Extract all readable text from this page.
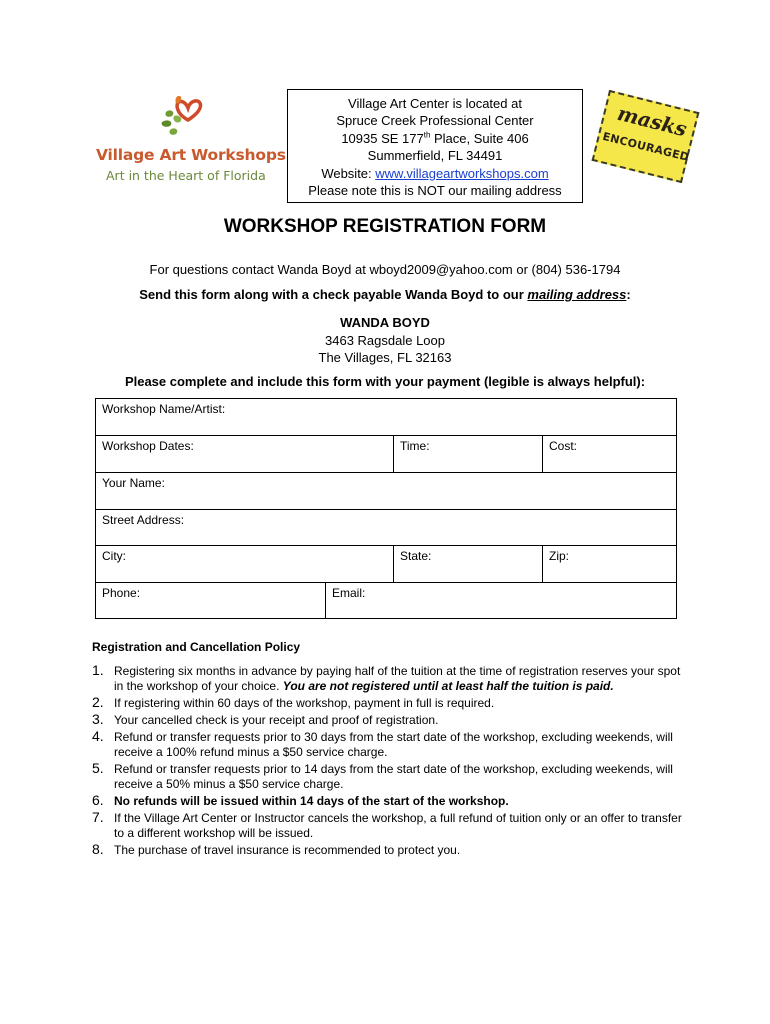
Village Art Workshops
Art in the Heart of Florida
Village Art Center is located at
Spruce Creek Professional Center
10935 SE 177th Place, Suite 406
Summerfield, FL 34491
Website: www.villageartworkshops.com
Please note this is NOT our mailing address
masks
ENCOURAGED
WORKSHOP REGISTRATION FORM
For questions contact Wanda Boyd at wboyd2009@yahoo.com or (804) 536-1794
Send this form along with a check payable Wanda Boyd to our mailing address:
WANDA BOYD
3463 Ragsdale Loop
The Villages, FL 32163
Please complete and include this form with your payment (legible is always helpful):
Workshop Name/Artist:
Workshop Dates:	Time:	Cost:
Your Name:
Street Address:
City:	State:	Zip:
Phone:	Email:
Registration and Cancellation Policy
1. Registering six months in advance by paying half of the tuition at the time of registration reserves your spot in the workshop of your choice. You are not registered until at least half the tuition is paid.
2. If registering within 60 days of the workshop, payment in full is required.
3. Your cancelled check is your receipt and proof of registration.
4. Refund or transfer requests prior to 30 days from the start date of the workshop, excluding weekends, will receive a 100% refund minus a $50 service charge.
5. Refund or transfer requests prior to 14 days from the start date of the workshop, excluding weekends, will receive a 50% minus a $50 service charge.
6. No refunds will be issued within 14 days of the start of the workshop.
7. If the Village Art Center or Instructor cancels the workshop, a full refund of tuition only or an offer to transfer to a different workshop will be issued.
8. The purchase of travel insurance is recommended to protect you.
